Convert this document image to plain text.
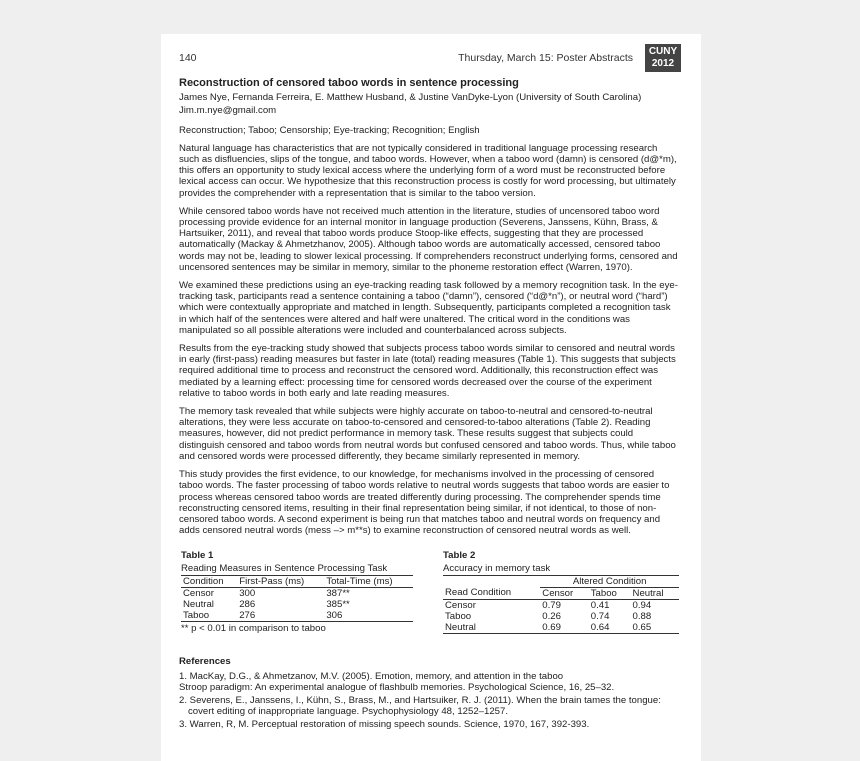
140	Thursday, March 15: Poster Abstracts
CUNY
2012

Reconstruction of censored taboo words in sentence processing

James Nye, Fernanda Ferreira, E. Matthew Husband, & Justine VanDyke-Lyon (University of South Carolina)

Jim.m.nye@gmail.com

Reconstruction; Taboo; Censorship; Eye-tracking; Recognition; English

Natural language has characteristics that are not typically considered in traditional language processing research such as disfluencies, slips of the tongue, and taboo words. However, when a taboo word (damn) is censored (d@*m), this offers an opportunity to study lexical access where the underlying form of a word must be reconstructed before lexical access can occur. We hypothesize that this reconstruction process is costly for word processing, but ultimately provides the comprehender with a representation that is similar to the taboo version.

While censored taboo words have not received much attention in the literature, studies of uncensored taboo word processing provide evidence for an internal monitor in language production (Severens, Janssens, Kühn, Brass, & Hartsuiker, 2011), and reveal that taboo words produce Stoop-like effects, suggesting that they are processed automatically (Mackay & Ahmetzhanov, 2005). Although taboo words are automatically accessed, censored taboo words may not be, leading to slower lexical processing. If comprehenders reconstruct underlying forms, censored and uncensored sentences may be similar in memory, similar to the phoneme restoration effect (Warren, 1970).

We examined these predictions using an eye-tracking reading task followed by a memory recognition task. In the eye-tracking task, participants read a sentence containing a taboo (“damn”), censored (“d@*n”), or neutral word (“hard”) which were contextually appropriate and matched in length. Subsequently, participants completed a recognition task in which half of the sentences were altered and half were unaltered. The critical word in the conditions was manipulated so all possible alterations were included and counterbalanced across subjects.

Results from the eye-tracking study showed that subjects process taboo words similar to censored and neutral words in early (first-pass) reading measures but faster in late (total) reading measures (Table 1). This suggests that subjects required additional time to process and reconstruct the censored word. Additionally, this reconstruction effect was mediated by a learning effect: processing time for censored words decreased over the course of the experiment relative to taboo words in both early and late reading measures.

The memory task revealed that while subjects were highly accurate on taboo-to-neutral and censored-to-neutral alterations, they were less accurate on taboo-to-censored and censored-to-taboo alterations (Table 2). Reading measures, however, did not predict performance in memory task. These results suggest that subjects could distinguish censored and taboo words from neutral words but confused censored and taboo words. Thus, while taboo and censored words were processed differently, they became similarly represented in memory.

This study provides the first evidence, to our knowledge, for mechanisms involved in the processing of censored taboo words. The faster processing of taboo words relative to neutral words suggests that taboo words are easier to process whereas censored taboo words are treated differently during processing. The comprehender spends time reconstructing censored items, resulting in their final representation being similar, if not identical, to those of non-censored taboo words. A second experiment is being run that matches taboo and neutral words on frequency and adds censored neutral words (mess –> m**s) to examine reconstruction of censored neutral words as well.

Table 1
Reading Measures in Sentence Processing Task
Condition	First-Pass (ms)	Total-Time (ms)
Censor	300	387**
Neutral	286	385**
Taboo	276	306
** p < 0.01 in comparison to taboo
Table 2
Accuracy in memory task
	Altered Condition		
Read Condition	Censor	Taboo	Neutral
Censor	0.79	0.41	0.94
Taboo	0.26	0.74	0.88
Neutral	0.69	0.64	0.65
References
1. MacKay, D.G., & Ahmetzanov, M.V. (2005). Emotion, memory, and attention in the taboo
Stroop paradigm: An experimental analogue of flashbulb memories. Psychological Science, 16, 25–32.
2. Severens, E., Janssens, I., Kühn, S., Brass, M., and Hartsuiker, R. J. (2011). When the brain tames the tongue:
covert editing of inappropriate language. Psychophysiology 48, 1252–1257.
3. Warren, R, M. Perceptual restoration of missing speech sounds. Science, 1970, 167, 392-393.
